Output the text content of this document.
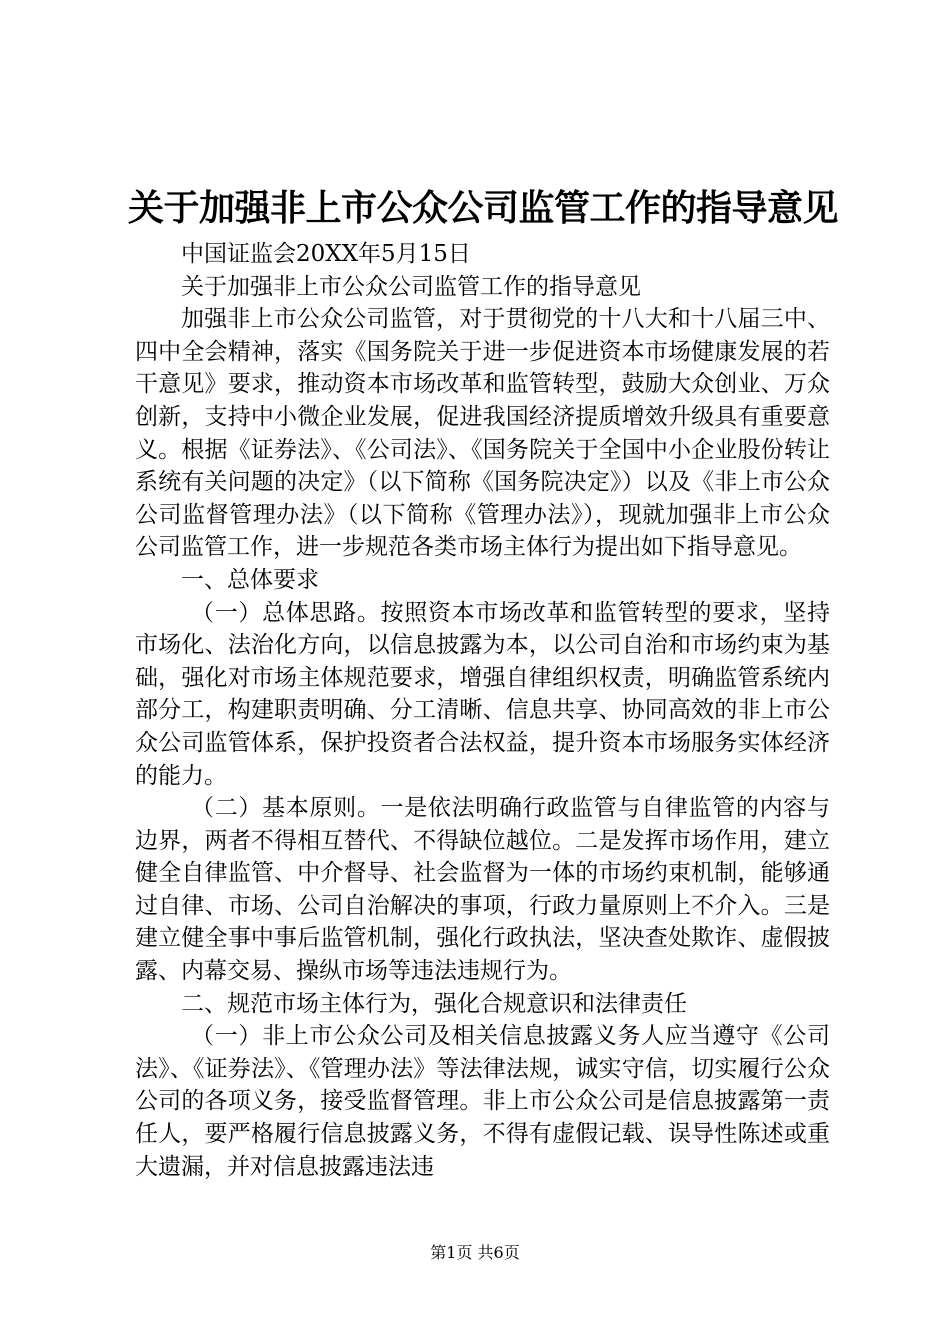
关于加强非上市公众公司监管工作的指导意见

中国证监会20XX年5月15日

关于加强非上市公众公司监管工作的指导意见

加强非上市公众公司监管，对于贯彻党的十八大和十八届三中、四中全会精神，落实《国务院关于进一步促进资本市场健康发展的若干意见》要求，推动资本市场改革和监管转型，鼓励大众创业、万众创新，支持中小微企业发展，促进我国经济提质增效升级具有重要意义。根据《证券法》、《公司法》、《国务院关于全国中小企业股份转让系统有关问题的决定》（以下简称《国务院决定》）以及《非上市公众公司监督管理办法》（以下简称《管理办法》），现就加强非上市公众公司监管工作，进一步规范各类市场主体行为提出如下指导意见。

一、总体要求

（一）总体思路。按照资本市场改革和监管转型的要求，坚持市场化、法治化方向，以信息披露为本，以公司自治和市场约束为基础，强化对市场主体规范要求，增强自律组织权责，明确监管系统内部分工，构建职责明确、分工清晰、信息共享、协同高效的非上市公众公司监管体系，保护投资者合法权益，提升资本市场服务实体经济的能力。

（二）基本原则。一是依法明确行政监管与自律监管的内容与边界，两者不得相互替代、不得缺位越位。二是发挥市场作用，建立健全自律监管、中介督导、社会监督为一体的市场约束机制，能够通过自律、市场、公司自治解决的事项，行政力量原则上不介入。三是建立健全事中事后监管机制，强化行政执法，坚决查处欺诈、虚假披露、内幕交易、操纵市场等违法违规行为。

二、规范市场主体行为，强化合规意识和法律责任

（一）非上市公众公司及相关信息披露义务人应当遵守《公司法》、《证券法》、《管理办法》等法律法规，诚实守信，切实履行公众公司的各项义务，接受监督管理。非上市公众公司是信息披露第一责任人，要严格履行信息披露义务，不得有虚假记载、误导性陈述或重大遗漏，并对信息披露违法违

第1页 共6页
